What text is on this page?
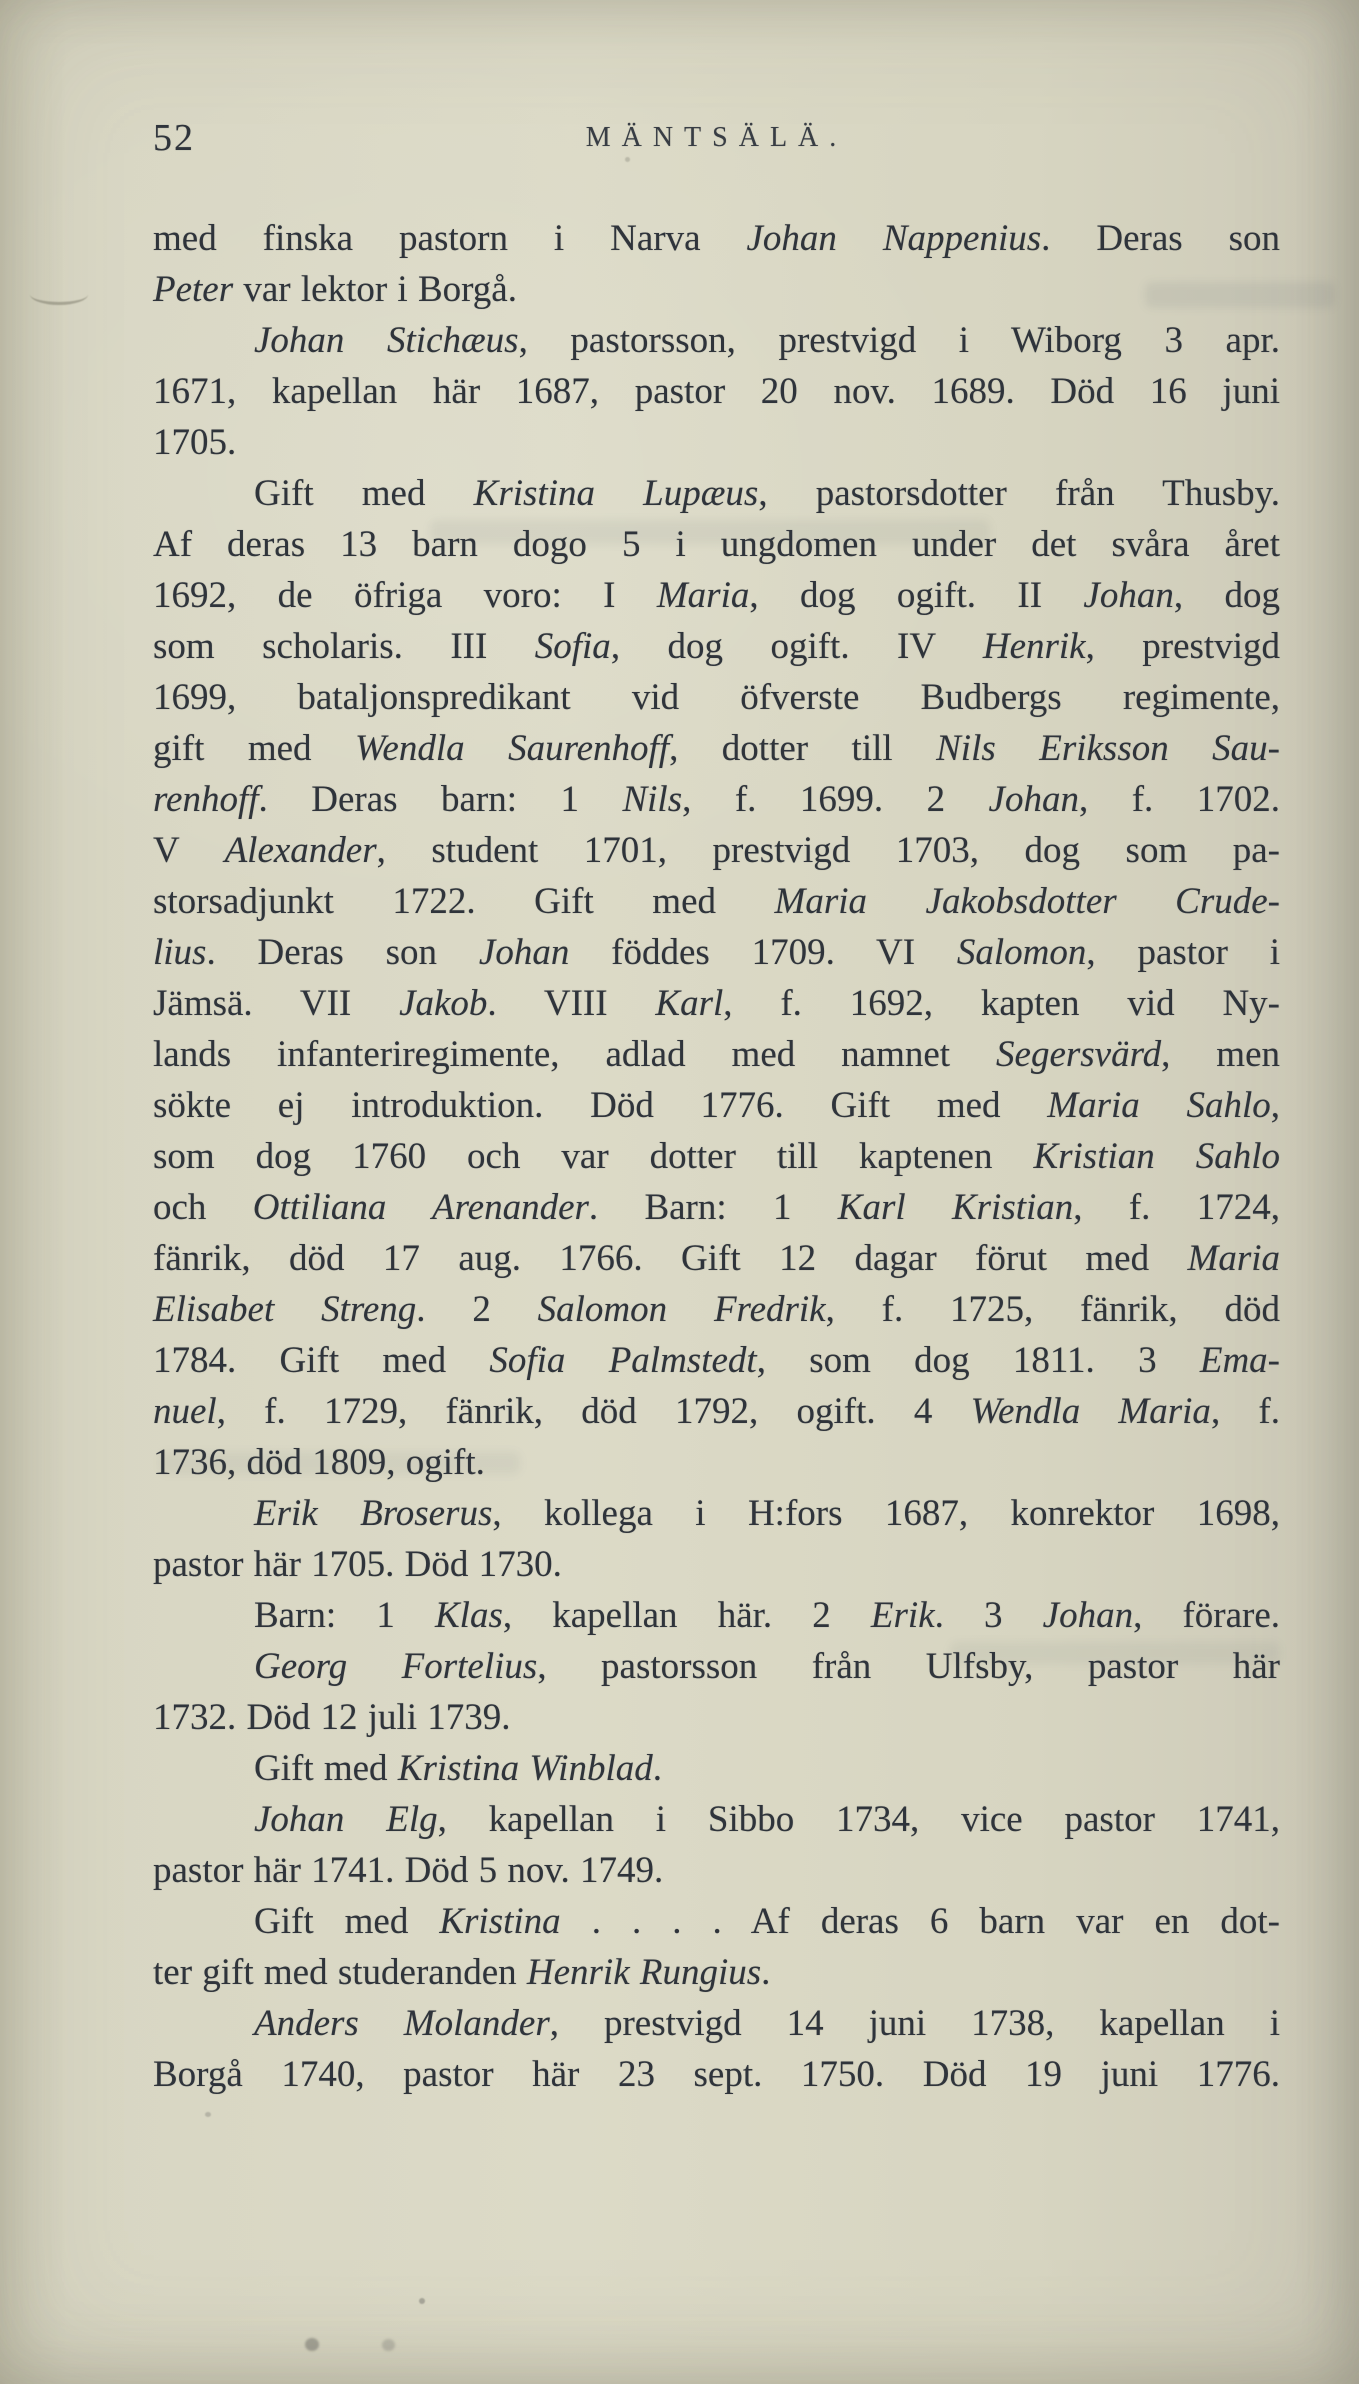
52	MÄNTSÄLÄ.
med finska pastorn i Narva Johan Nappenius. Deras son
Peter var lektor i Borgå.
Johan Stichæus, pastorsson, prestvigd i Wiborg 3 apr.
1671, kapellan här 1687, pastor 20 nov. 1689. Död 16 juni
1705.
Gift med Kristina Lupæus, pastorsdotter från Thusby.
Af deras 13 barn dogo 5 i ungdomen under det svåra året
1692, de öfriga voro: I Maria, dog ogift. II Johan, dog
som scholaris. III Sofia, dog ogift. IV Henrik, prestvigd
1699, bataljonspredikant vid öfverste Budbergs regimente,
gift med Wendla Saurenhoff, dotter till Nils Eriksson Sau-
renhoff. Deras barn: 1 Nils, f. 1699. 2 Johan, f. 1702.
V Alexander, student 1701, prestvigd 1703, dog som pa-
storsadjunkt 1722. Gift med Maria Jakobsdotter Crude-
lius. Deras son Johan föddes 1709. VI Salomon, pastor i
Jämsä. VII Jakob. VIII Karl, f. 1692, kapten vid Ny-
lands infanteriregimente, adlad med namnet Segersvärd, men
sökte ej introduktion. Död 1776. Gift med Maria Sahlo,
som dog 1760 och var dotter till kaptenen Kristian Sahlo
och Ottiliana Arenander. Barn: 1 Karl Kristian, f. 1724,
fänrik, död 17 aug. 1766. Gift 12 dagar förut med Maria
Elisabet Streng. 2 Salomon Fredrik, f. 1725, fänrik, död
1784. Gift med Sofia Palmstedt, som dog 1811. 3 Ema-
nuel, f. 1729, fänrik, död 1792, ogift. 4 Wendla Maria, f.
1736, död 1809, ogift.
Erik Broserus, kollega i H:fors 1687, konrektor 1698,
pastor här 1705. Död 1730.
Barn: 1 Klas, kapellan här. 2 Erik. 3 Johan, förare.
Georg Fortelius, pastorsson från Ulfsby, pastor här
1732. Död 12 juli 1739.
Gift med Kristina Winblad.
Johan Elg, kapellan i Sibbo 1734, vice pastor 1741,
pastor här 1741. Död 5 nov. 1749.
Gift med Kristina . . . . Af deras 6 barn var en dot-
ter gift med studeranden Henrik Rungius.
Anders Molander, prestvigd 14 juni 1738, kapellan i
Borgå 1740, pastor här 23 sept. 1750. Död 19 juni 1776.
